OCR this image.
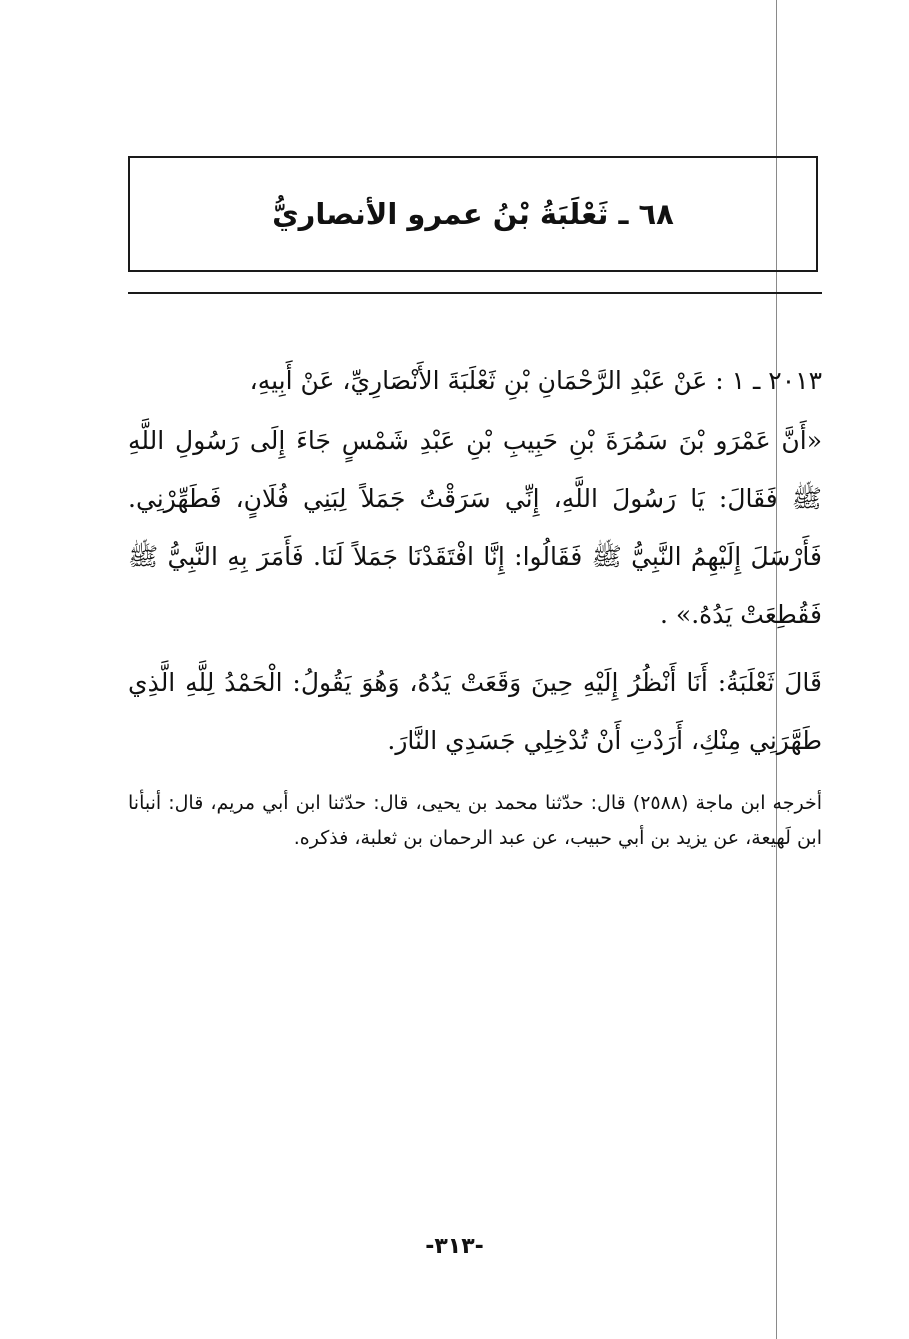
٦٨ ـ ثَعْلَبَةُ بْنُ عمرو الأنصاريُّ

٢٠١٣ ـ ١ : عَنْ عَبْدِ الرَّحْمَانِ بْنِ ثَعْلَبَةَ الأَنْصَارِيِّ، عَنْ أَبِيهِ،

«أَنَّ عَمْرَو بْنَ سَمُرَةَ بْنِ حَبِيبِ بْنِ عَبْدِ شَمْسٍ جَاءَ إِلَى رَسُولِ اللَّهِ ﷺ فَقَالَ: يَا رَسُولَ اللَّهِ، إِنِّي سَرَقْتُ جَمَلاً لِبَنِي فُلَانٍ، فَطَهِّرْنِي. فَأَرْسَلَ إِلَيْهِمُ النَّبِيُّ ﷺ فَقَالُوا: إِنَّا افْتَقَدْنَا جَمَلاً لَنَا. فَأَمَرَ بِهِ النَّبِيُّ ﷺ فَقُطِعَتْ يَدُهُ.» .

قَالَ ثَعْلَبَةُ: أَنَا أَنْظُرُ إِلَيْهِ حِينَ وَقَعَتْ يَدُهُ، وَهُوَ يَقُولُ: الْحَمْدُ لِلَّهِ الَّذِي طَهَّرَنِي مِنْكِ، أَرَدْتِ أَنْ تُدْخِلِي جَسَدِي النَّارَ.

أخرجه ابن ماجة (٢٥٨٨) قال: حدّثنا محمد بن يحيى، قال: حدّثنا ابن أبي مريم، قال: أنبأنا ابن لَهيعة، عن يزيد بن أبي حبيب، عن عبد الرحمان بن ثعلبة، فذكره.

-٣١٣-
